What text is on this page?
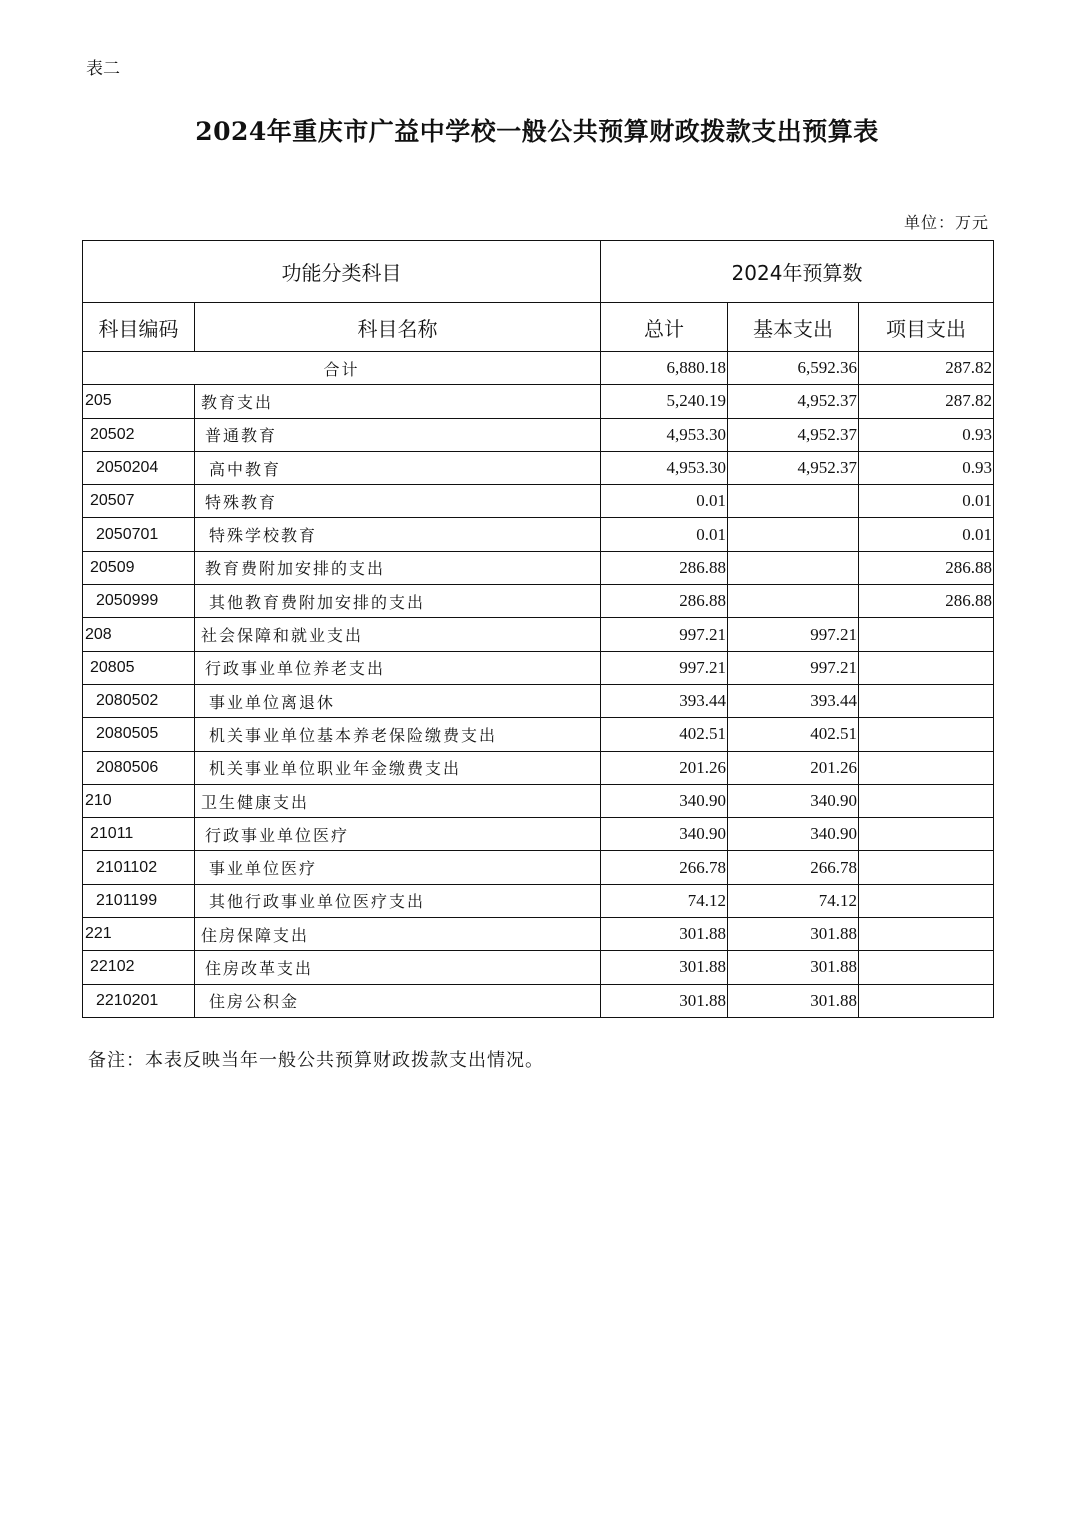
表二
2024年重庆市广益中学校一般公共预算财政拨款支出预算表
单位：万元
功能分类科目		2024年预算数		
科目编码	科目名称	总计	基本支出	项目支出
合计		6,880.18	6,592.36	287.82
205	教育支出	5,240.19	4,952.37	287.82
20502	普通教育	4,953.30	4,952.37	0.93
2050204	高中教育	4,953.30	4,952.37	0.93
20507	特殊教育	0.01		0.01
2050701	特殊学校教育	0.01		0.01
20509	教育费附加安排的支出	286.88		286.88
2050999	其他教育费附加安排的支出	286.88		286.88
208	社会保障和就业支出	997.21	997.21	
20805	行政事业单位养老支出	997.21	997.21	
2080502	事业单位离退休	393.44	393.44	
2080505	机关事业单位基本养老保险缴费支出	402.51	402.51	
2080506	机关事业单位职业年金缴费支出	201.26	201.26	
210	卫生健康支出	340.90	340.90	
21011	行政事业单位医疗	340.90	340.90	
2101102	事业单位医疗	266.78	266.78	
2101199	其他行政事业单位医疗支出	74.12	74.12	
221	住房保障支出	301.88	301.88	
22102	住房改革支出	301.88	301.88	
2210201	住房公积金	301.88	301.88	
备注：本表反映当年一般公共预算财政拨款支出情况。
